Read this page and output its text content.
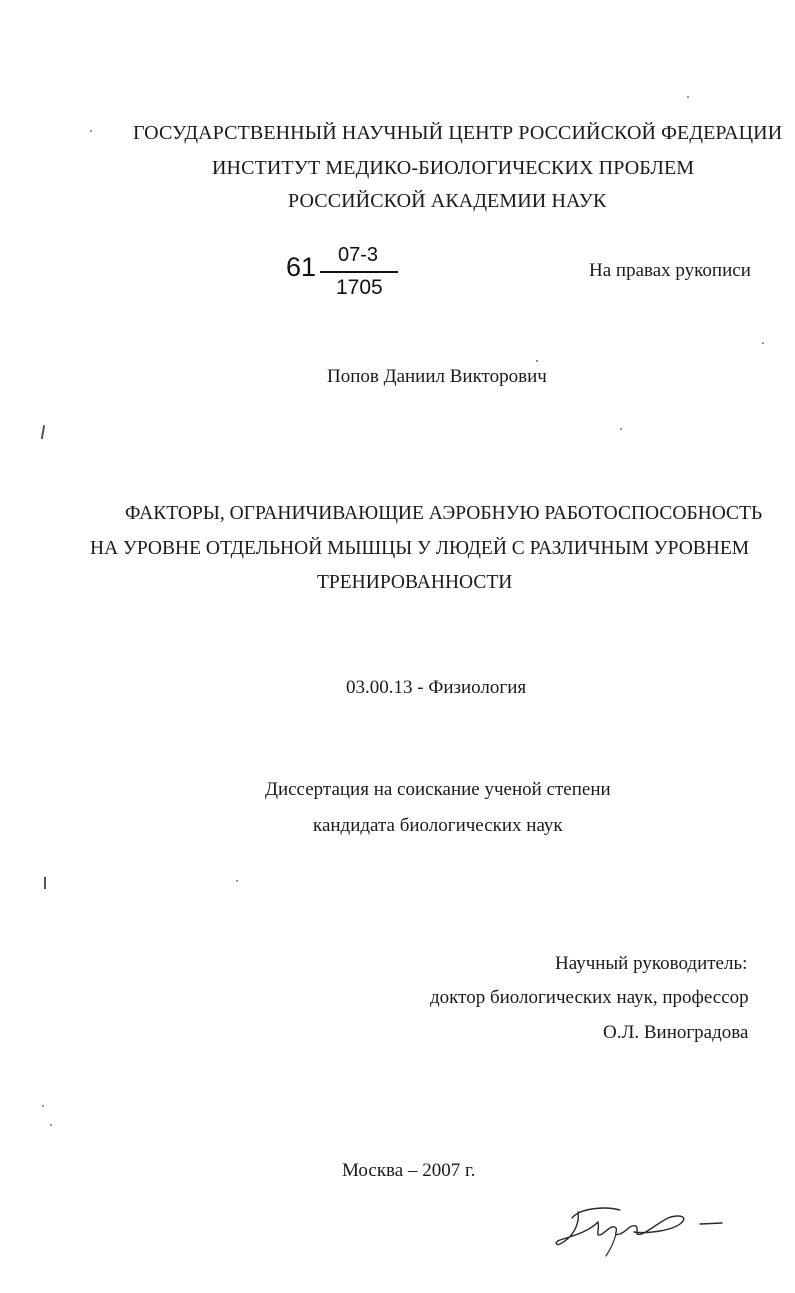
ГОСУДАРСТВЕННЫЙ НАУЧНЫЙ ЦЕНТР РОССИЙСКОЙ ФЕДЕРАЦИИ
ИНСТИТУТ МЕДИКО-БИОЛОГИЧЕСКИХ ПРОБЛЕМ
РОССИЙСКОЙ АКАДЕМИИ НАУК
61 07-3
1705
На правах рукописи
Попов Даниил Викторович
ФАКТОРЫ, ОГРАНИЧИВАЮЩИЕ АЭРОБНУЮ РАБОТОСПОСОБНОСТЬ
НА УРОВНЕ ОТДЕЛЬНОЙ МЫШЦЫ У ЛЮДЕЙ С РАЗЛИЧНЫМ УРОВНЕМ
ТРЕНИРОВАННОСТИ
03.00.13 - Физиология
Диссертация на соискание ученой степени
кандидата биологических наук
Научный руководитель:
доктор биологических наук, профессор
О.Л. Виноградова
Москва – 2007 г.
